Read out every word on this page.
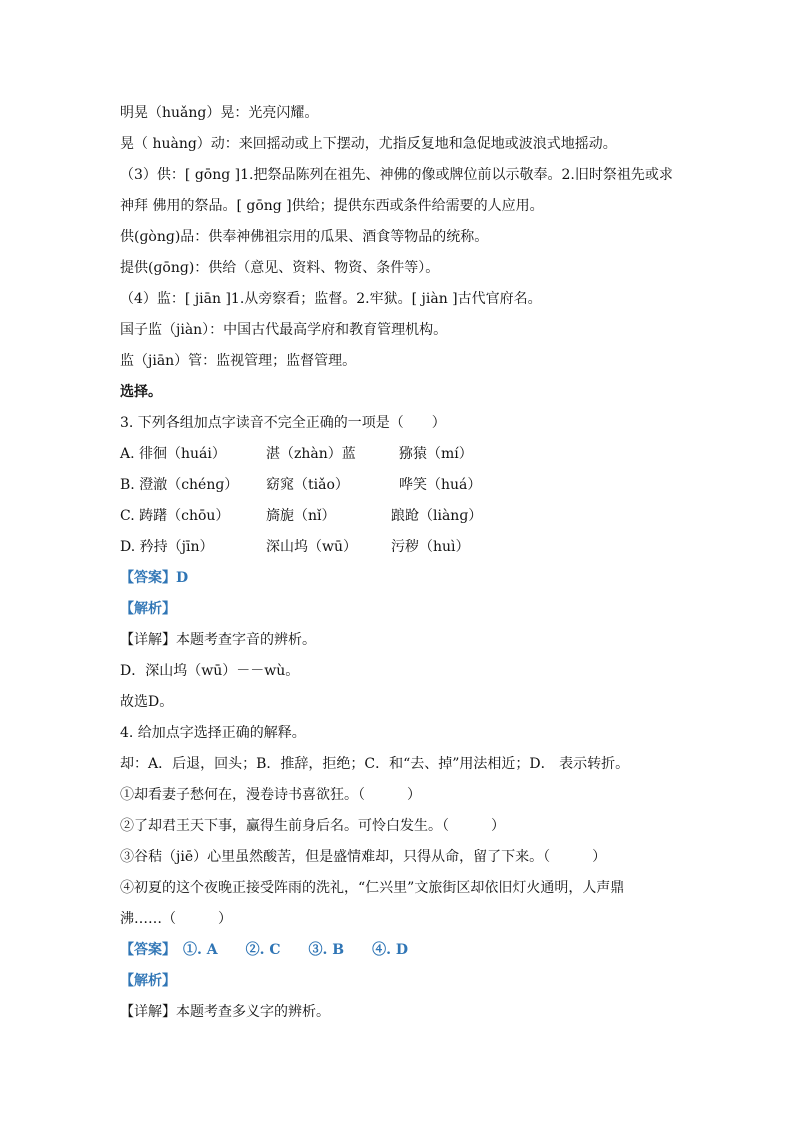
明晃（huǎng）晃：光亮闪耀。
晃（ huàng）动：来回摇动或上下摆动，尤指反复地和急促地或波浪式地摇动。
（3）供：[ gōng ]1.把祭品陈列在祖先、神佛的像或牌位前以示敬奉。2.旧时祭祖先或求
神拜 佛用的祭品。[ gōng ]供给；提供东西或条件给需要的人应用。
供(ɡònɡ)品：供奉神佛祖宗用的瓜果、酒食等物品的统称。
提供(ɡōnɡ)：供给（意见、资料、物资、条件等）。
（4）监：[ jiān ]1.从旁察看；监督。2.牢狱。[ jiàn ]古代官府名。
国子监（jiàn）：中国古代最高学府和教育管理机构。
监（jiān）管：监视管理；监督管理。
选择。
3. 下列各组加点字读音不完全正确的一项是（　　）
A. 徘徊（huái）	湛（zhàn）蓝	猕猿（mí）
B. 澄澈（chénɡ） 窈窕（tiǎo）	哗笑（huá）
C. 踌躇（chōu）	旖旎（nǐ）	踉跄（liànɡ）
D. 矜持（jīn）	深山坞（wū） 污秽（huì）
【答案】D
【解析】
【详解】本题考查字音的辨析。
D．深山坞（wū）－－wù。
故选D。
4. 给加点字选择正确的解释。
却：A．后退，回头；B．推辞，拒绝；C．和“去、掉”用法相近；D． 表示转折。
①却看妻子愁何在，漫卷诗书喜欲狂。（　　　）
②了却君王天下事，赢得生前身后名。可怜白发生。（　　　）
③谷秸（jiē）心里虽然酸苦，但是盛情难却，只得从命，留了下来。（　　　）
④初夏的这个夜晚正接受阵雨的洗礼，“仁兴里”文旅街区却依旧灯火通明，人声鼎
沸……（　　　）
【答案】　①. A　　②. C　　③. B　　④. D
【解析】
【详解】本题考查多义字的辨析。
